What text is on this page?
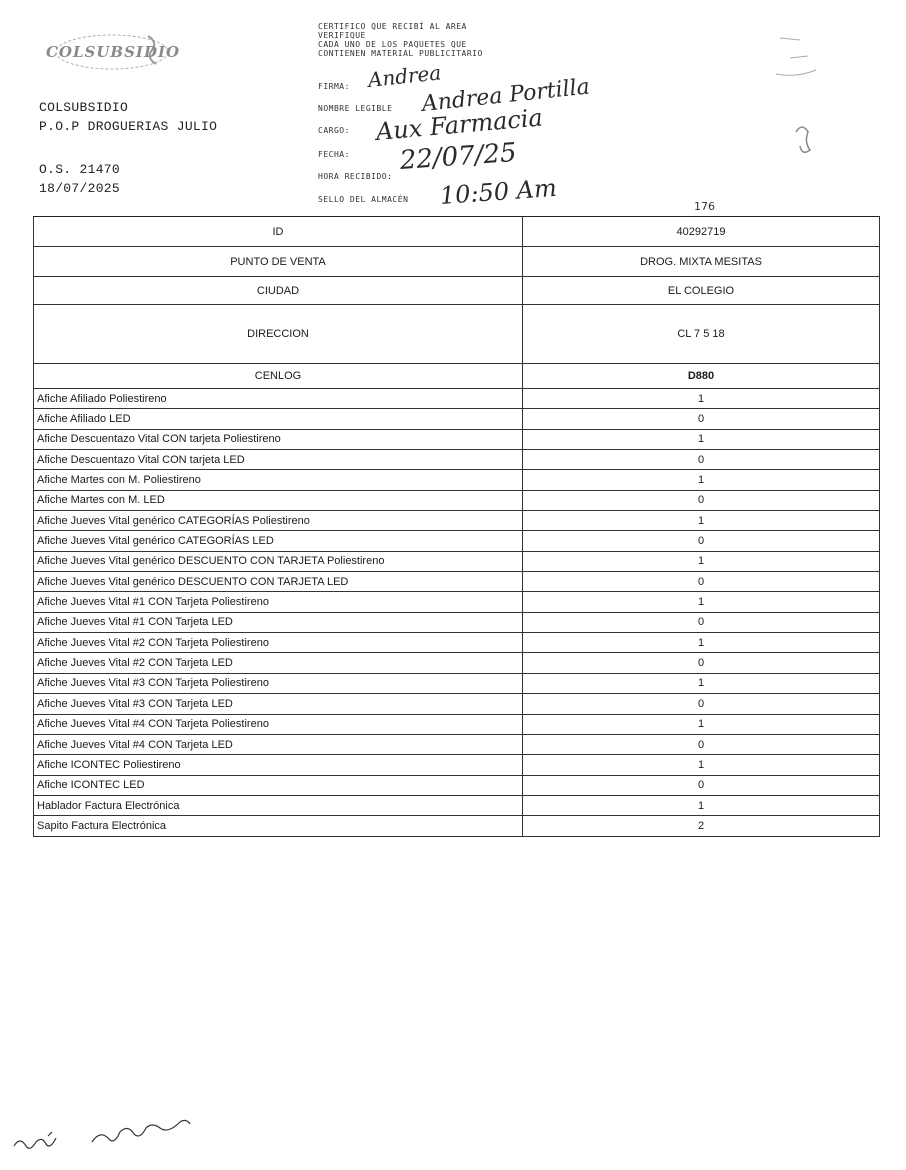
COLSUBSIDIO
COLSUBSIDIO
P.O.P DROGUERIAS JULIO
O.S. 21470
18/07/2025
CERTIFICO QUE RECIBÍ AL AREA
VERIFIQUE
CADA UNO DE LOS PAQUETES QUE
CONTIENEN MATERIAL PUBLICITARIO
FIRMA:
NOMBRE LEGIBLE
CARGO:
FECHA:
HORA RECIBIDO:
SELLO DEL ALMACÉN
Andrea
Andrea Portilla
Aux Farmacia
22/07/25
10:50 Am	176
ID	40292719
PUNTO DE VENTA	DROG. MIXTA MESITAS
CIUDAD	EL COLEGIO
DIRECCION	CL 7 5 18
CENLOG	D880
Afiche Afiliado Poliestireno	1
Afiche Afiliado LED	0
Afiche Descuentazo Vital CON tarjeta Poliestireno	1
Afiche Descuentazo Vital CON tarjeta LED	0
Afiche Martes con M. Poliestireno	1
Afiche Martes con M. LED	0
Afiche Jueves Vital genérico CATEGORÍAS Poliestireno	1
Afiche Jueves Vital genérico CATEGORÍAS LED	0
Afiche Jueves Vital genérico DESCUENTO CON TARJETA Poliestireno	1
Afiche Jueves Vital genérico DESCUENTO CON TARJETA LED	0
Afiche Jueves Vital #1 CON Tarjeta Poliestireno	1
Afiche Jueves Vital #1 CON Tarjeta LED	0
Afiche Jueves Vital #2 CON Tarjeta Poliestireno	1
Afiche Jueves Vital #2 CON Tarjeta LED	0
Afiche Jueves Vital #3 CON Tarjeta Poliestireno	1
Afiche Jueves Vital #3 CON Tarjeta LED	0
Afiche Jueves Vital #4 CON Tarjeta Poliestireno	1
Afiche Jueves Vital #4 CON Tarjeta LED	0
Afiche ICONTEC Poliestireno	1
Afiche ICONTEC LED	0
Hablador Factura Electrónica	1
Sapito Factura Electrónica	2
